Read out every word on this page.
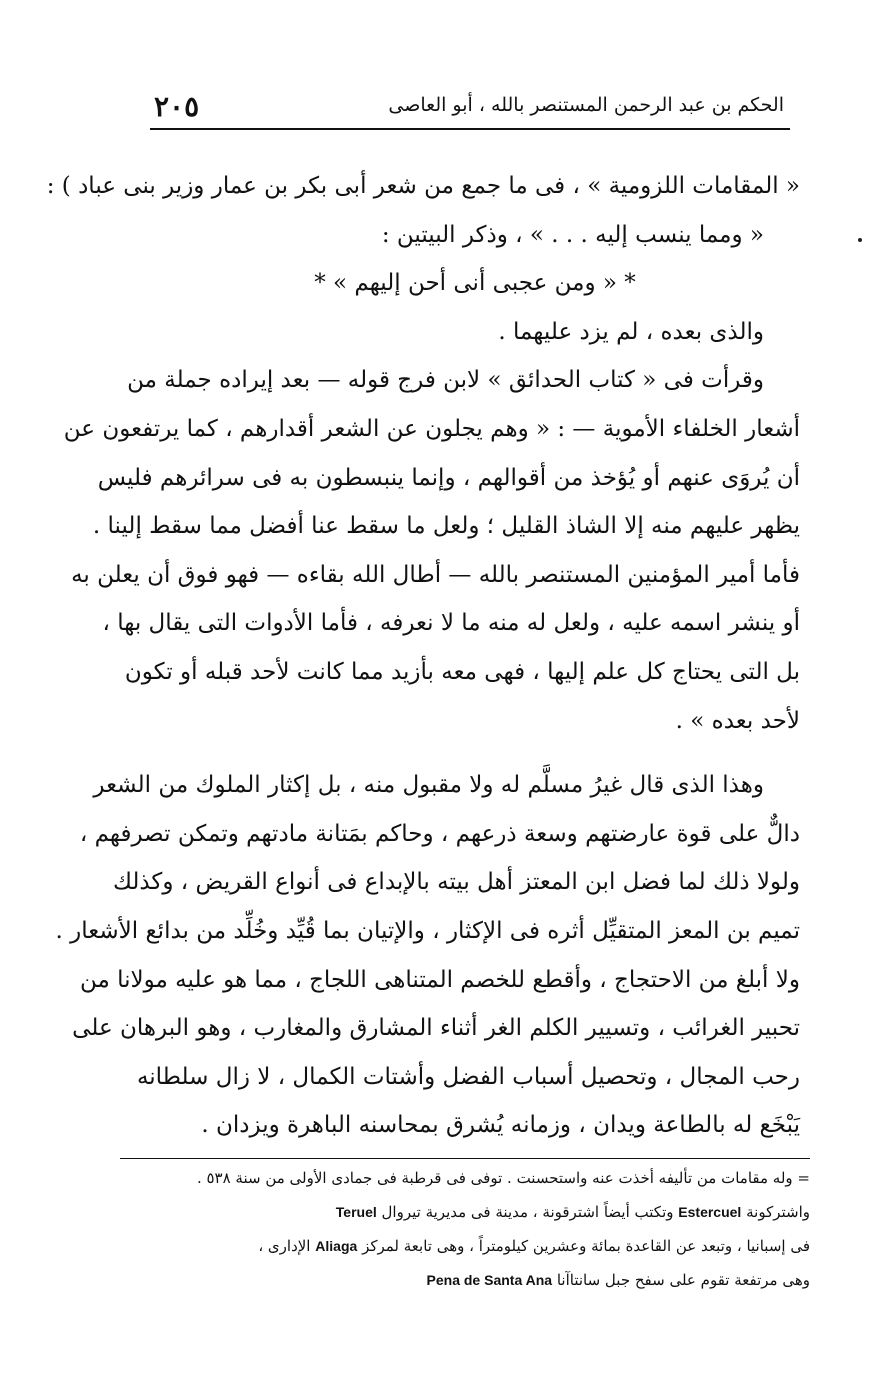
٢٠٥	الحكم بن عبد الرحمن المستنصر بالله ، أبو العاصى
« المقامات اللزومية » ، فى ما جمع من شعر أبى بكر بن عمار وزير بنى عباد ) :
« ومما ينسب إليه . . . » ، وذكر البيتين :
* « ومن عجبى أنى أحن إليهم » *
والذى بعده ، لم يزد عليهما .
وقرأت فى « كتاب الحدائق » لابن فرج قوله — بعد إيراده جملة من
أشعار الخلفاء الأموية — : « وهم يجلون عن الشعر أقدارهم ، كما يرتفعون عن
أن يُروَى عنهم أو يُؤخذ من أقوالهم ، وإنما ينبسطون به فى سرائرهم فليس
يظهر عليهم منه إلا الشاذ القليل ؛ ولعل ما سقط عنا أفضل مما سقط إلينا .
فأما أمير المؤمنين المستنصر بالله — أطال الله بقاءه — فهو فوق أن يعلن به
أو ينشر اسمه عليه ، ولعل له منه ما لا نعرفه ، فأما الأدوات التى يقال بها ،
بل التى يحتاج كل علم إليها ، فهى معه بأزيد مما كانت لأحد قبله أو تكون
لأحد بعده » .
وهذا الذى قال غيرُ مسلَّم له ولا مقبول منه ، بل إكثار الملوك من الشعر
دالٌّ على قوة عارضتهم وسعة ذرعهم ، وحاكم بمَتانة مادتهم وتمكن تصرفهم ،
ولولا ذلك لما فضل ابن المعتز أهل بيته بالإبداع فى أنواع القريض ، وكذلك
تميم بن المعز المتقيِّل أثره فى الإكثار ، والإتيان بما قُيِّد وخُلِّد من بدائع الأشعار .
ولا أبلغ من الاحتجاج ، وأقطع للخصم المتناهى اللجاج ، مما هو عليه مولانا من
تحبير الغرائب ، وتسيير الكلم الغر أثناء المشارق والمغارب ، وهو البرهان على
رحب المجال ، وتحصيل أسباب الفضل وأشتات الكمال ، لا زال سلطانه
يَبْخَع له بالطاعة ويدان ، وزمانه يُشرق بمحاسنه الباهرة ويزدان .
= وله مقامات من تأليفه أخذت عنه واستحسنت . توفى فى قرطبة فى جمادى الأولى من سنة ٥٣٨ .
واشتركونة Estercuel وتكتب أيضاً اشترقونة ، مدينة فى مديرية تيروال Teruel
فى إسبانيا ، وتبعد عن القاعدة بمائة وعشرين كيلومتراً ، وهى تابعة لمركز Aliaga الإدارى ،
وهى مرتفعة تقوم على سفح جبل سانتاآنا Pena de Santa Ana
